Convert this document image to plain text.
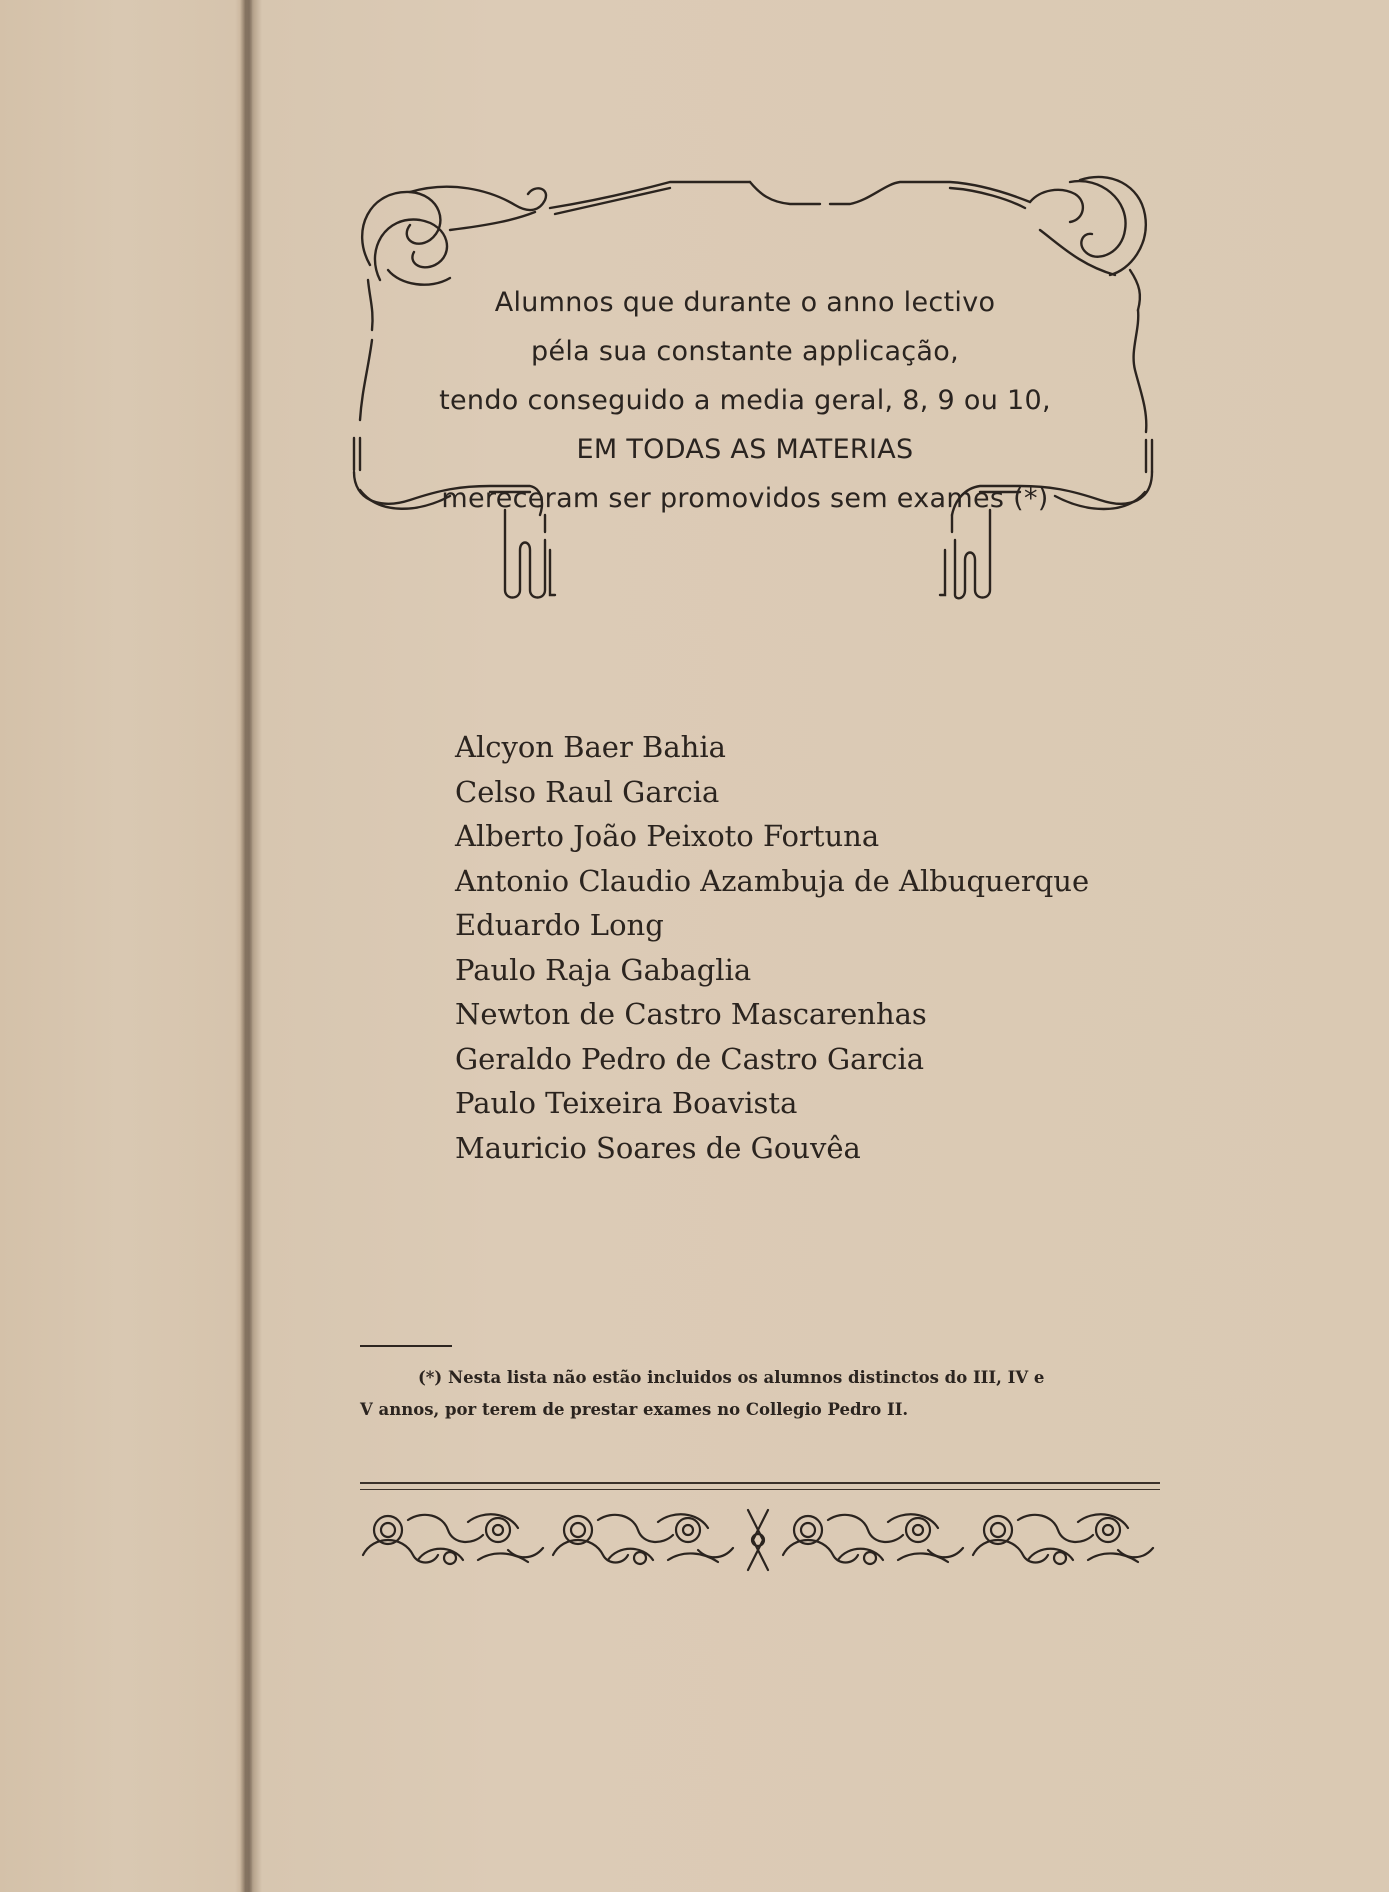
Alumnos que durante o anno lectivo
péla sua constante applicação,
tendo conseguido a media geral, 8, 9 ou 10,
EM TODAS AS MATERIAS
mereceram ser promovidos sem exames (*)
Alcyon Baer Bahia
Celso Raul Garcia
Alberto João Peixoto Fortuna
Antonio Claudio Azambuja de Albuquerque
Eduardo Long
Paulo Raja Gabaglia
Newton de Castro Mascarenhas
Geraldo Pedro de Castro Garcia
Paulo Teixeira Boavista
Mauricio Soares de Gouvêa
(*) Nesta lista não estão incluidos os alumnos distinctos do III, IV e
V annos, por terem de prestar exames no Collegio Pedro II.
